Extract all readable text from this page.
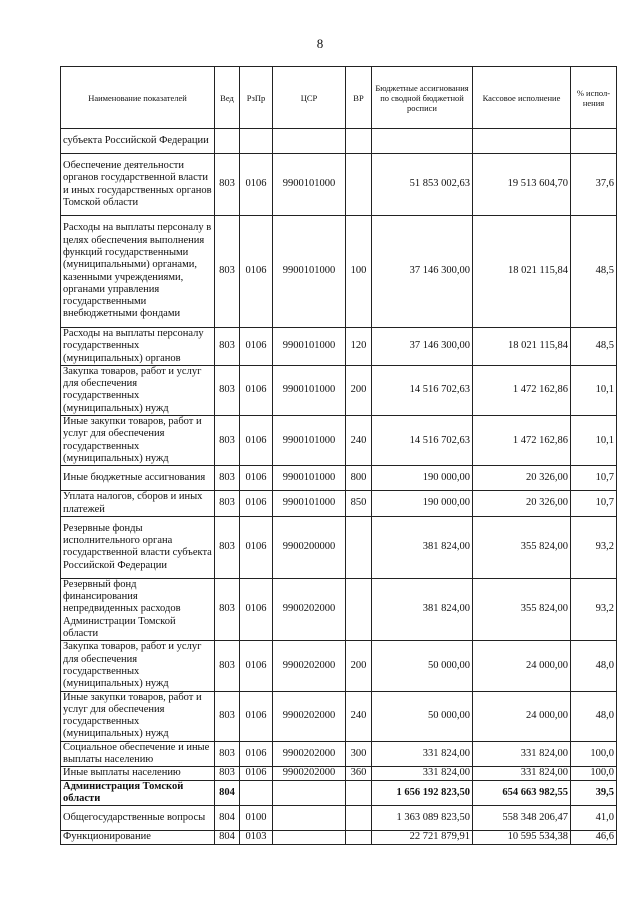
8
Наименование показателей	Вед	РзПр	ЦСР	ВР	Бюджетные ассигнования по сводной бюджетной росписи	Кассовое исполнение	% испол-нения
субъекта Российской Федерации							
Обеспечение деятельности органов государственной власти и иных государственных органов Томской области	803	0106	9900101000		51 853 002,63	19 513 604,70	37,6
Расходы на выплаты персоналу в целях обеспечения выполнения функций государственными (муниципальными) органами, казенными учреждениями, органами управления государственными внебюджетными фондами	803	0106	9900101000	100	37 146 300,00	18 021 115,84	48,5
Расходы на выплаты персоналу государственных (муниципальных) органов	803	0106	9900101000	120	37 146 300,00	18 021 115,84	48,5
Закупка товаров, работ и услуг для обеспечения государственных (муниципальных) нужд	803	0106	9900101000	200	14 516 702,63	1 472 162,86	10,1
Иные закупки товаров, работ и услуг для обеспечения государственных (муниципальных) нужд	803	0106	9900101000	240	14 516 702,63	1 472 162,86	10,1
Иные бюджетные ассигнования	803	0106	9900101000	800	190 000,00	20 326,00	10,7
Уплата налогов, сборов и иных платежей	803	0106	9900101000	850	190 000,00	20 326,00	10,7
Резервные фонды исполнительного органа государственной власти субъекта Российской Федерации	803	0106	9900200000		381 824,00	355 824,00	93,2
Резервный фонд финансирования непредвиденных расходов Администрации Томской области	803	0106	9900202000		381 824,00	355 824,00	93,2
Закупка товаров, работ и услуг для обеспечения государственных (муниципальных) нужд	803	0106	9900202000	200	50 000,00	24 000,00	48,0
Иные закупки товаров, работ и услуг для обеспечения государственных (муниципальных) нужд	803	0106	9900202000	240	50 000,00	24 000,00	48,0
Социальное обеспечение и иные выплаты населению	803	0106	9900202000	300	331 824,00	331 824,00	100,0
Иные выплаты населению	803	0106	9900202000	360	331 824,00	331 824,00	100,0
Администрация Томской области	804				1 656 192 823,50	654 663 982,55	39,5
Общегосударственные вопросы	804	0100			1 363 089 823,50	558 348 206,47	41,0
Функционирование	804	0103			22 721 879,91	10 595 534,38	46,6
